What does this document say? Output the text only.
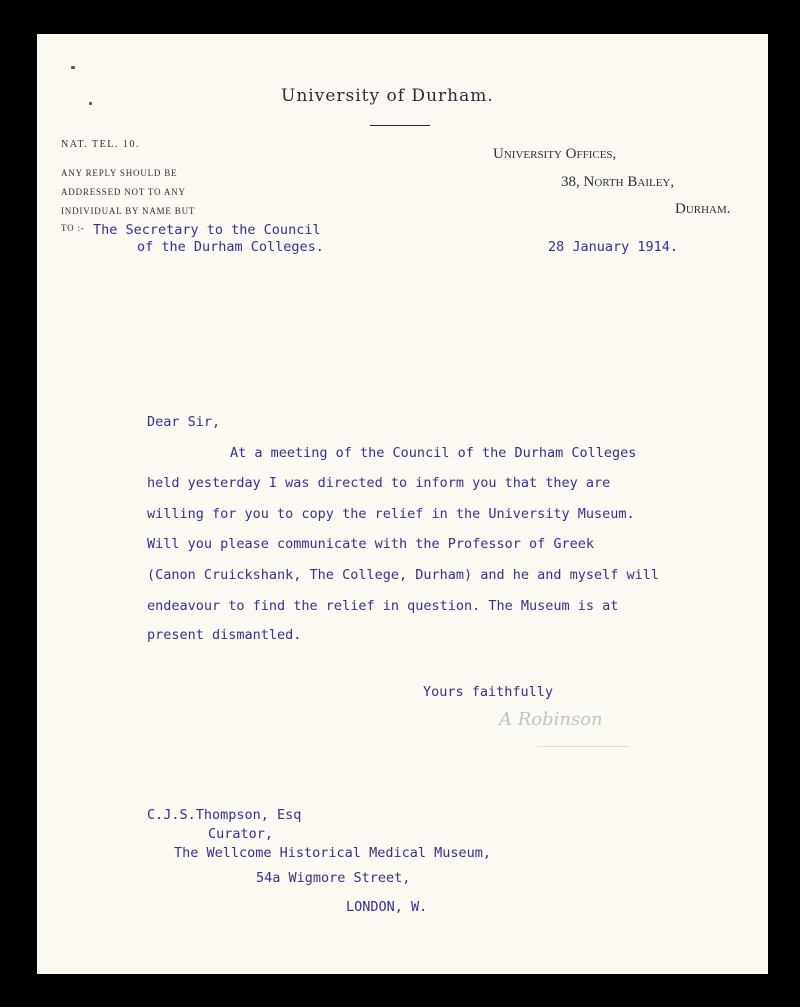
University of Durham.
NAT. TEL. 10.
ANY REPLY SHOULD BE
ADDRESSED NOT TO ANY
INDIVIDUAL BY NAME BUT
TO :-
University Offices,
38, North Bailey,
Durham.
The Secretary to the Council
of the Durham Colleges.	28 January 1914.
Dear Sir,
At a meeting of the Council of the Durham Colleges
held yesterday I was directed to inform you that they are
willing for you to copy the relief in the University Museum.
Will you please communicate with the Professor of Greek
(Canon Cruickshank, The College, Durham) and he and myself will
endeavour to find the relief in question. The Museum is at
present dismantled.
Yours faithfully
A Robinson
C.J.S.Thompson, Esq
Curator,
The Wellcome Historical Medical Museum,
54a Wigmore Street,
LONDON, W.
